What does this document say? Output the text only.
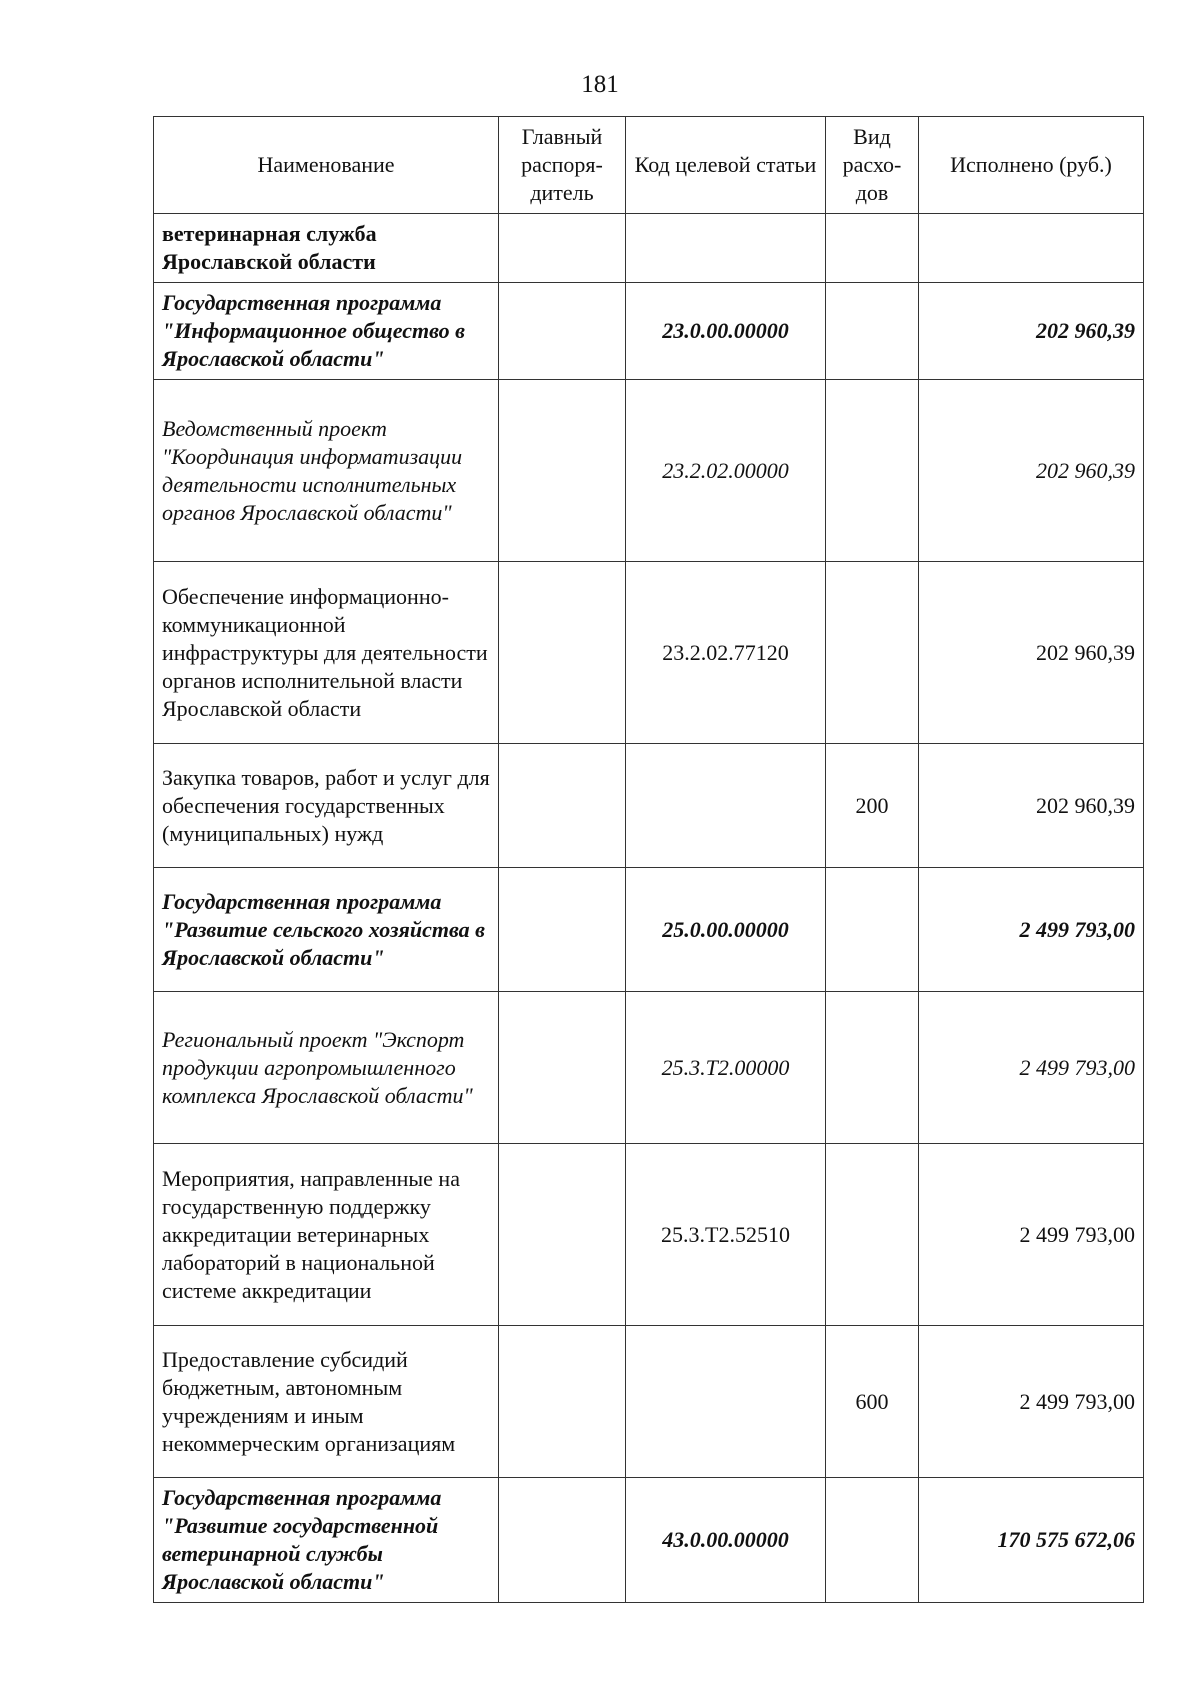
181
Наименование	Главный распоря-дитель	Код целевой статьи	Вид расхо-дов	Исполнено (руб.)
ветеринарная служба Ярославской области				
Государственная программа "Информационное общество в Ярославской области"		23.0.00.00000		202 960,39
Ведомственный проект "Координация информатизации деятельности исполнительных органов Ярославской области"		23.2.02.00000		202 960,39
Обеспечение информационно-коммуникационной инфраструктуры для деятельности органов исполнительной власти Ярославской области		23.2.02.77120		202 960,39
Закупка товаров, работ и услуг для обеспечения государственных (муниципальных) нужд			200	202 960,39
Государственная программа "Развитие сельского хозяйства в Ярославской области"		25.0.00.00000		2 499 793,00
Региональный проект "Экспорт продукции агропромышленного комплекса Ярославской области"		25.3.Т2.00000		2 499 793,00
Мероприятия, направленные на государственную поддержку аккредитации ветеринарных лабораторий в национальной системе аккредитации		25.3.Т2.52510		2 499 793,00
Предоставление субсидий бюджетным, автономным учреждениям и иным некоммерческим организациям			600	2 499 793,00
Государственная программа "Развитие государственной ветеринарной службы Ярославской области"		43.0.00.00000		170 575 672,06
